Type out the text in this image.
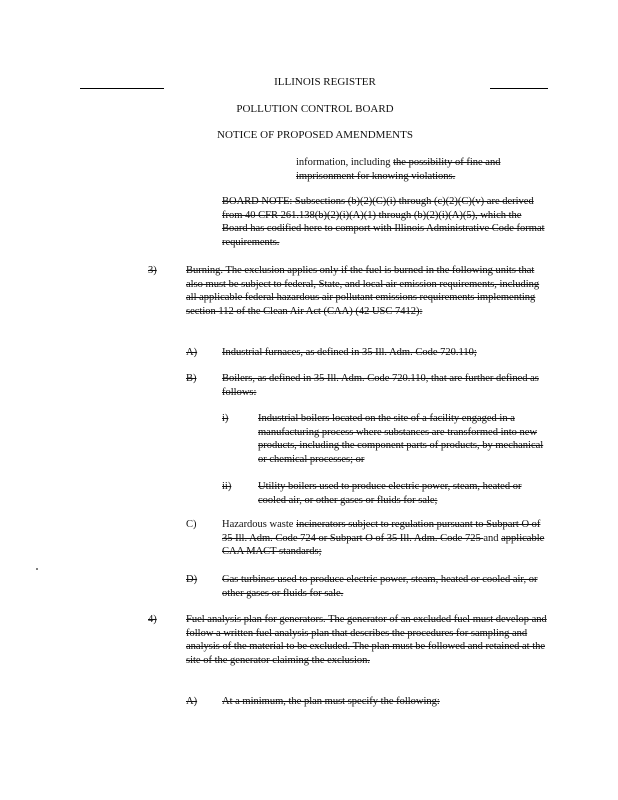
ILLINOIS REGISTER
POLLUTION CONTROL BOARD
NOTICE OF PROPOSED AMENDMENTS
information, including the possibility of fine and imprisonment for knowing violations.
BOARD NOTE: Subsections (b)(2)(C)(i) through (c)(2)(C)(v) are derived from 40 CFR 261.138(b)(2)(i)(A)(1) through (b)(2)(i)(A)(5), which the Board has codified here to comport with Illinois Administrative Code format requirements.
3)	Burning. The exclusion applies only if the fuel is burned in the following units that also must be subject to federal, State, and local air emission requirements, including all applicable federal hazardous air pollutant emissions requirements implementing section 112 of the Clean Air Act (CAA) (42 USC 7412):
A) Industrial furnaces, as defined in 35 Ill. Adm. Code 720.110;
B) Boilers, as defined in 35 Ill. Adm. Code 720.110, that are further defined as follows:
i)	Industrial boilers located on the site of a facility engaged in a manufacturing process where substances are transformed into new products, including the component parts of products, by mechanical or chemical processes; or
ii)	Utility boilers used to produce electric power, steam, heated or cooled air, or other gases or fluids for sale;
C) Hazardous waste incinerators subject to regulation pursuant to Subpart O of 35 Ill. Adm. Code 724 or Subpart O of 35 Ill. Adm. Code 725 and applicable CAA MACT standards;
D) Gas turbines used to produce electric power, steam, heated or cooled air, or other gases or fluids for sale.
4)	Fuel analysis plan for generators. The generator of an excluded fuel must develop and follow a written fuel analysis plan that describes the procedures for sampling and analysis of the material to be excluded. The plan must be followed and retained at the site of the generator claiming the exclusion.
A) At a minimum, the plan must specify the following:
